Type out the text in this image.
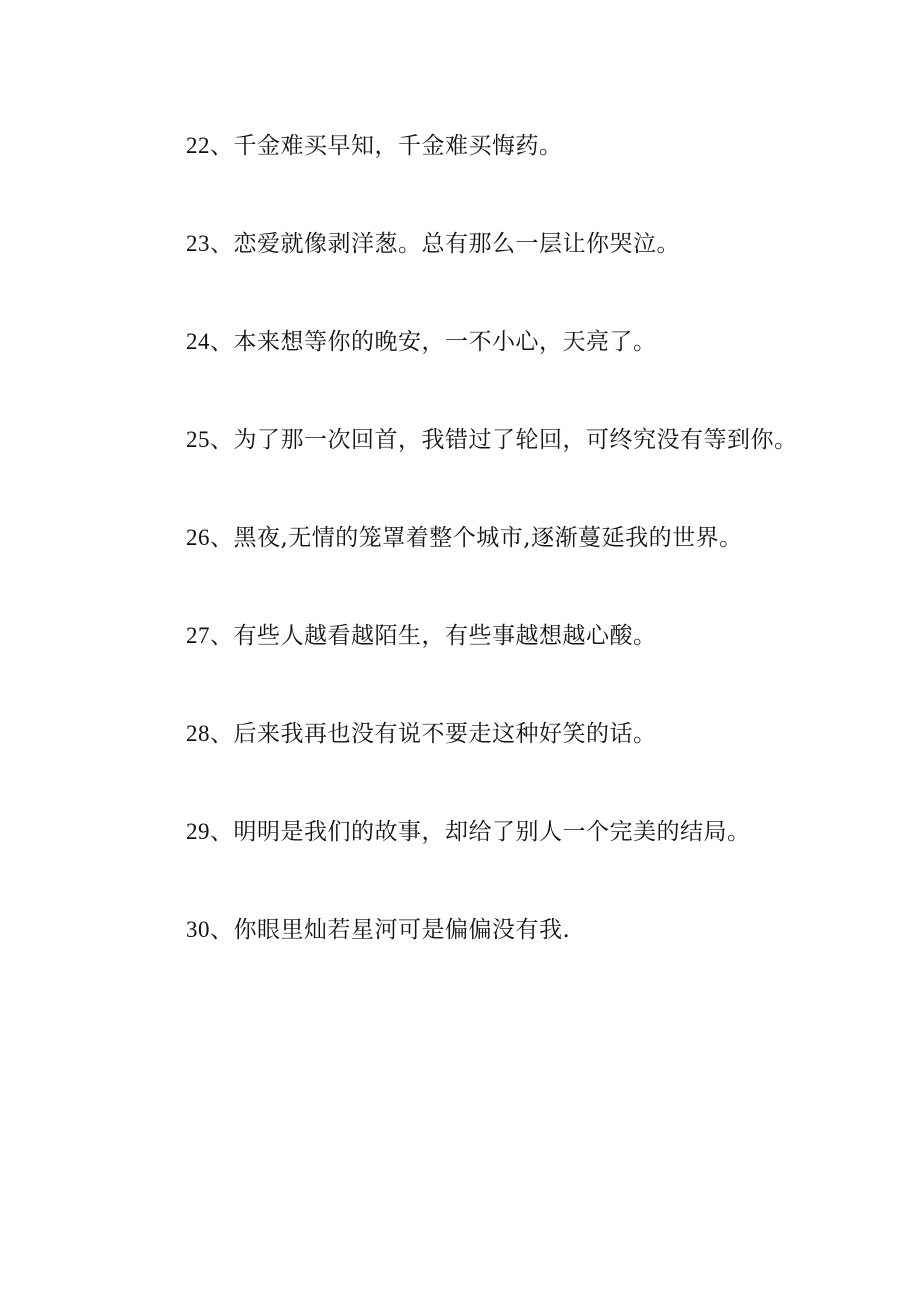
22、千金难买早知，千金难买悔药。

23、恋爱就像剥洋葱。总有那么一层让你哭泣。

24、本来想等你的晚安，一不小心，天亮了。

25、为了那一次回首，我错过了轮回，可终究没有等到你。

26、黑夜,无情的笼罩着整个城市,逐渐蔓延我的世界。

27、有些人越看越陌生，有些事越想越心酸。

28、后来我再也没有说不要走这种好笑的话。

29、明明是我们的故事，却给了别人一个完美的结局。

30、你眼里灿若星河可是偏偏没有我.
